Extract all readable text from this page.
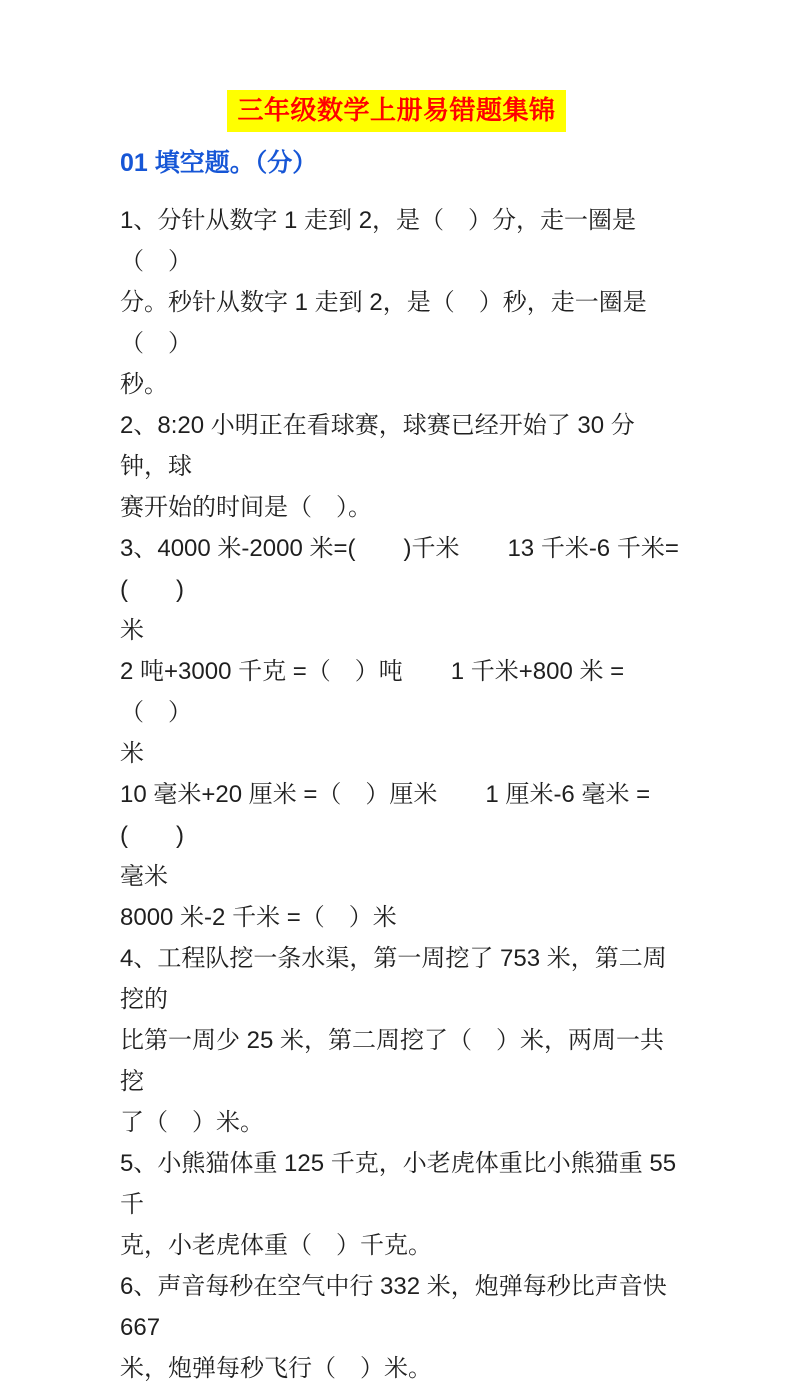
三年级数学上册易错题集锦
01 填空题。（分）

1、分针从数字 1 走到 2，是（　）分，走一圈是（　）
分。秒针从数字 1 走到 2，是（　）秒，走一圈是（　）
秒。

2、8:20 小明正在看球赛，球赛已经开始了 30 分钟，球
赛开始的时间是（　）。

3、4000 米-2000 米=(　　)千米　　13 千米-6 千米=(　　)
米
2 吨+3000 千克 =（　）吨　　1 千米+800 米 =（　）
米
10 毫米+20 厘米 =（　）厘米　　1 厘米-6 毫米 =(　　)
毫米
8000 米-2 千米 =（　）米

4、工程队挖一条水渠，第一周挖了 753 米，第二周挖的
比第一周少 25 米，第二周挖了（　）米，两周一共挖
了（　）米。

5、小熊猫体重 125 千克，小老虎体重比小熊猫重 55 千
克，小老虎体重（　）千克。

6、声音每秒在空气中行 332 米，炮弹每秒比声音快 667
米，炮弹每秒飞行（　）米。
